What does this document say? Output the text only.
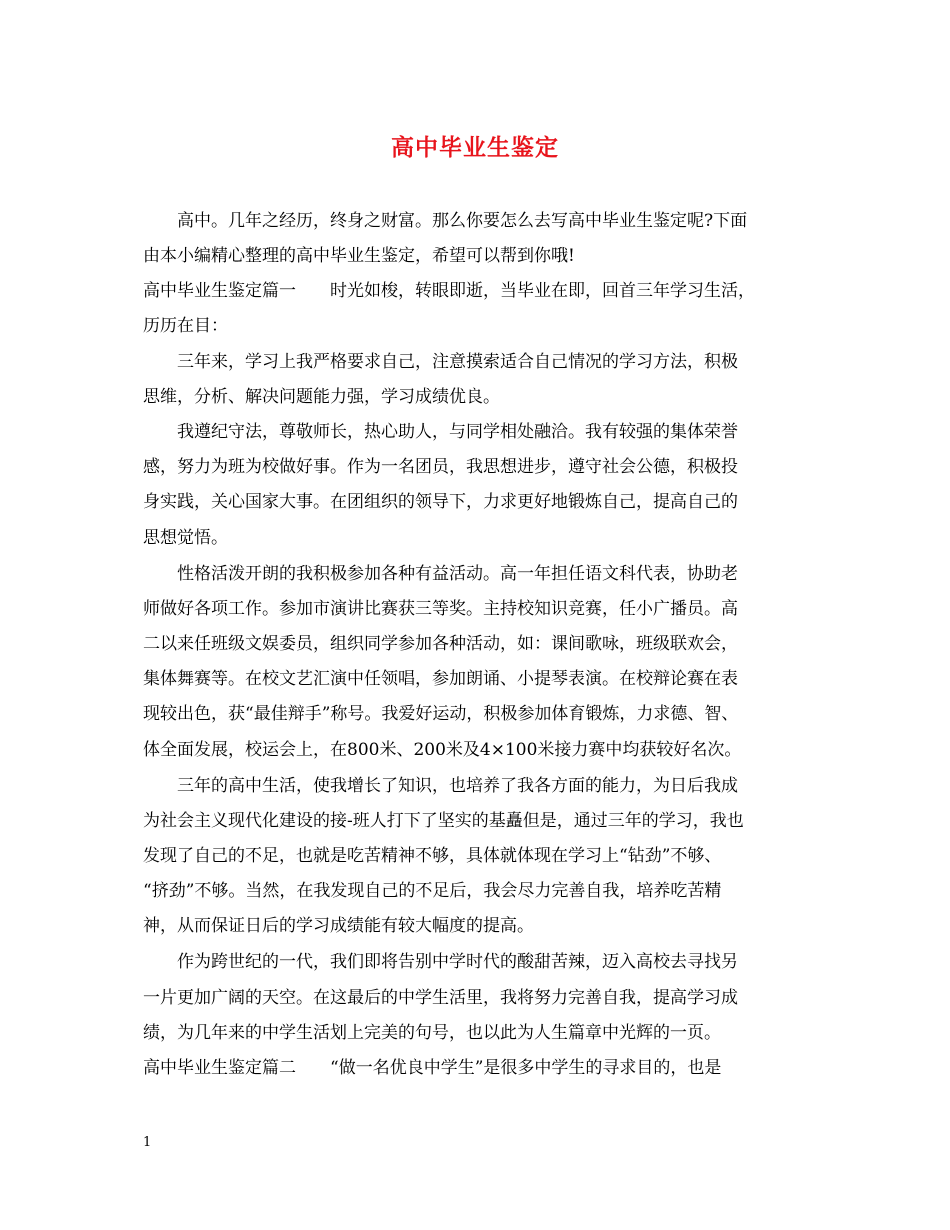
高中毕业生鉴定
　　高中。几年之经历，终身之财富。那么你要怎么去写高中毕业生鉴定呢?下面
由本小编精心整理的高中毕业生鉴定，希望可以帮到你哦!
高中毕业生鉴定篇一　　时光如梭，转眼即逝，当毕业在即，回首三年学习生活，
历历在目：
　　三年来，学习上我严格要求自己，注意摸索适合自己情况的学习方法，积极
思维，分析、解决问题能力强，学习成绩优良。
　　我遵纪守法，尊敬师长，热心助人，与同学相处融洽。我有较强的集体荣誉
感，努力为班为校做好事。作为一名团员，我思想进步，遵守社会公德，积极投
身实践，关心国家大事。在团组织的领导下，力求更好地锻炼自己，提高自己的
思想觉悟。
　　性格活泼开朗的我积极参加各种有益活动。高一年担任语文科代表，协助老
师做好各项工作。参加市演讲比赛获三等奖。主持校知识竞赛，任小广播员。高
二以来任班级文娱委员，组织同学参加各种活动，如：课间歌咏，班级联欢会，
集体舞赛等。在校文艺汇演中任领唱，参加朗诵、小提琴表演。在校辩论赛在表
现较出色，获“最佳辩手”称号。我爱好运动，积极参加体育锻炼，力求德、智、
体全面发展，校运会上，在800米、200米及4×100米接力赛中均获较好名次。
　　三年的高中生活，使我增长了知识，也培养了我各方面的能力，为日后我成
为社会主义现代化建设的接-班人打下了坚实的基矗但是，通过三年的学习，我也
发现了自己的不足，也就是吃苦精神不够，具体就体现在学习上“钻劲”不够、
“挤劲”不够。当然，在我发现自己的不足后，我会尽力完善自我，培养吃苦精
神，从而保证日后的学习成绩能有较大幅度的提高。
　　作为跨世纪的一代，我们即将告别中学时代的酸甜苦辣，迈入高校去寻找另
一片更加广阔的天空。在这最后的中学生活里，我将努力完善自我，提高学习成
绩，为几年来的中学生活划上完美的句号，也以此为人生篇章中光辉的一页。
高中毕业生鉴定篇二　　“做一名优良中学生”是很多中学生的寻求目的，也是
1
